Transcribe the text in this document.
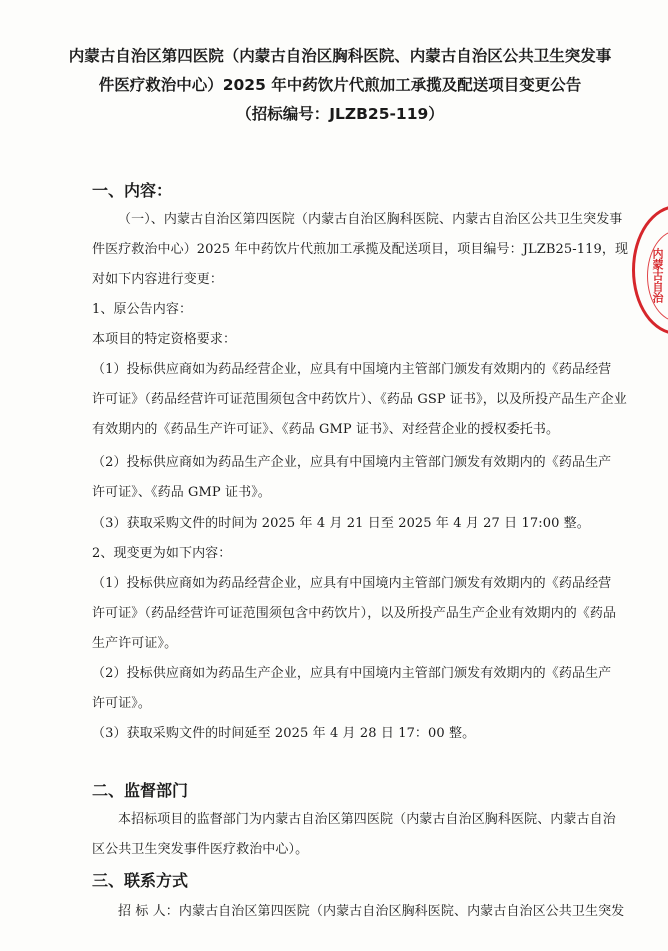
内蒙古自治区第四医院（内蒙古自治区胸科医院、内蒙古自治区公共卫生突发事
件医疗救治中心）2025 年中药饮片代煎加工承揽及配送项目变更公告
（招标编号：JLZB25-119）
一、内容：
（一）、内蒙古自治区第四医院（内蒙古自治区胸科医院、内蒙古自治区公共卫生突发事
件医疗救治中心）2025 年中药饮片代煎加工承揽及配送项目，项目编号：JLZB25-119，现
对如下内容进行变更：
1、原公告内容：
本项目的特定资格要求：
（1）投标供应商如为药品经营企业，应具有中国境内主管部门颁发有效期内的《药品经营
许可证》（药品经营许可证范围须包含中药饮片）、《药品 GSP 证书》，以及所投产品生产企业
有效期内的《药品生产许可证》、《药品 GMP 证书》、对经营企业的授权委托书。
（2）投标供应商如为药品生产企业，应具有中国境内主管部门颁发有效期内的《药品生产
许可证》、《药品 GMP 证书》。
（3）获取采购文件的时间为 2025 年 4 月 21 日至 2025 年 4 月 27 日 17:00 整。
2、现变更为如下内容：
（1）投标供应商如为药品经营企业，应具有中国境内主管部门颁发有效期内的《药品经营
许可证》（药品经营许可证范围须包含中药饮片），以及所投产品生产企业有效期内的《药品
生产许可证》。
（2）投标供应商如为药品生产企业，应具有中国境内主管部门颁发有效期内的《药品生产
许可证》。
（3）获取采购文件的时间延至 2025 年 4 月 28 日 17：00 整。
二、监督部门
本招标项目的监督部门为内蒙古自治区第四医院（内蒙古自治区胸科医院、内蒙古自治
区公共卫生突发事件医疗救治中心）。
三、联系方式
招 标 人：内蒙古自治区第四医院（内蒙古自治区胸科医院、内蒙古自治区公共卫生突发
内蒙古自治
